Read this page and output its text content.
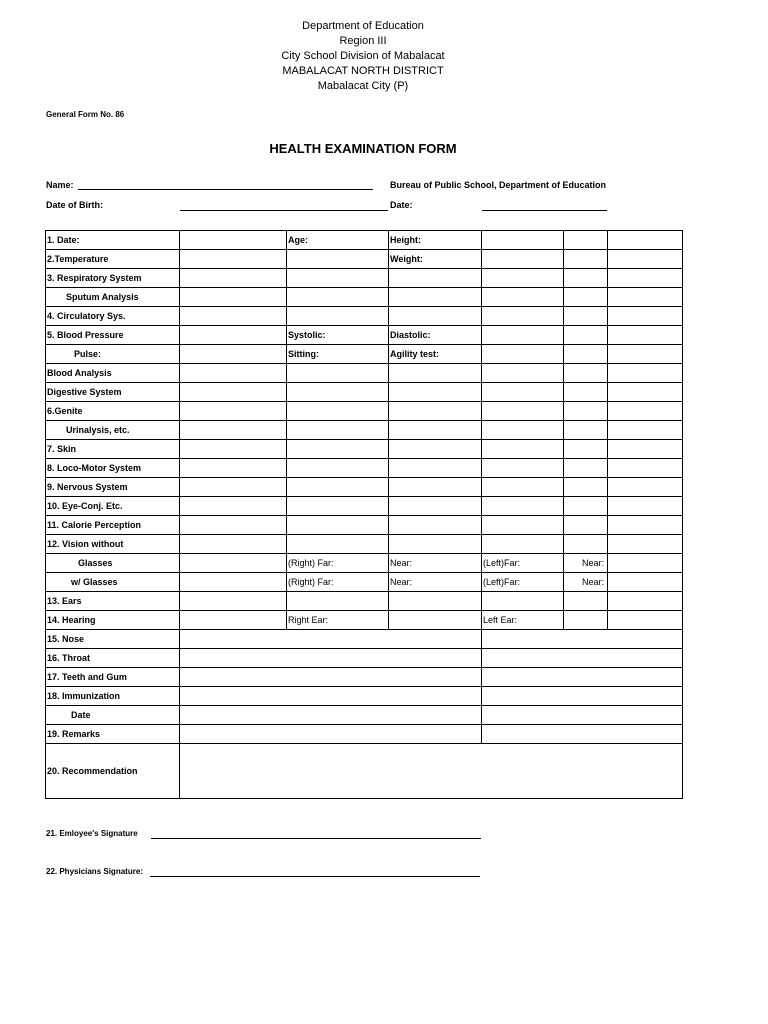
Department of Education
Region III
City School Division of Mabalacat
MABALACAT NORTH DISTRICT
Mabalacat City (P)
General Form No. 86
HEALTH EXAMINATION FORM
Name:	Bureau of Public School, Department of Education
Date of Birth:	Date:
1. Date:		Age:	Height:			
2.Temperature			Weight:			
3. Respiratory System						
Sputum Analysis						
4. Circulatory Sys.						
5. Blood Pressure		Systolic:	Diastolic:			
Pulse:		Sitting:	Agility test:			
Blood Analysis						
Digestive System						
6.Genite						
Urinalysis, etc.						
7. Skin						
8. Loco-Motor System						
9. Nervous System						
10. Eye-Conj. Etc.						
11. Calorie Perception						
12. Vision without						
Glasses		(Right) Far:	Near:	(Left)Far:	Near:	
w/ Glasses		(Right) Far:	Near:	(Left)Far:	Near:	
13. Ears						
14. Hearing		Right Ear:		Left Ear:		
15. Nose						
16. Throat						
17. Teeth and Gum						
18. Immunization						
Date						
19. Remarks						
20. Recommendation						
21. Emloyee's Signature
22. Physicians Signature:
